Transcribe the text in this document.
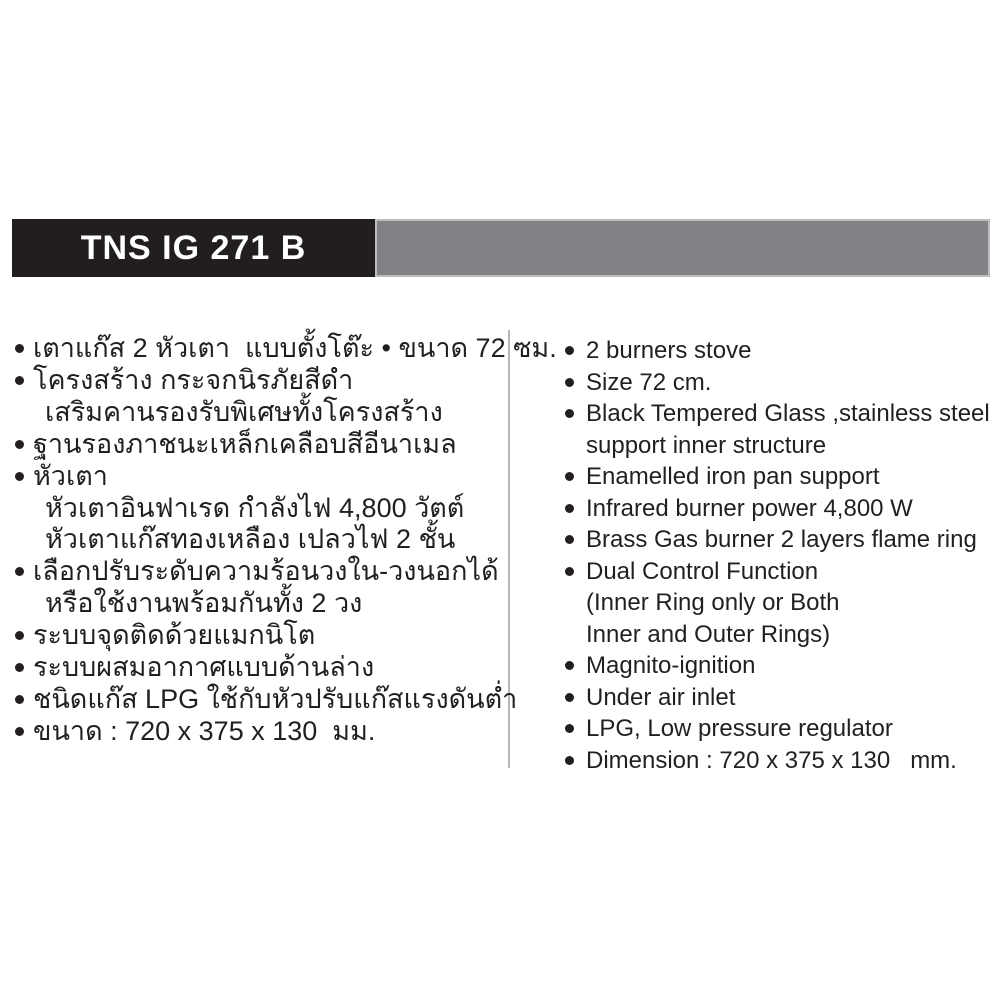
TNS IG 271 B
เตาแก๊ส 2 หัวเตา  แบบตั้งโต๊ะ • ขนาด 72 ซม.
โครงสร้าง กระจกนิรภัยสีดำ
เสริมคานรองรับพิเศษทั้งโครงสร้าง
ฐานรองภาชนะเหล็กเคลือบสีอีนาเมล
หัวเตา
หัวเตาอินฟาเรด กำลังไฟ 4,800 วัตต์
หัวเตาแก๊สทองเหลือง เปลวไฟ 2 ชั้น
เลือกปรับระดับความร้อนวงใน-วงนอกได้
หรือใช้งานพร้อมกันทั้ง 2 วง
ระบบจุดติดด้วยแมกนิโต
ระบบผสมอากาศแบบด้านล่าง
ชนิดแก๊ส LPG ใช้กับหัวปรับแก๊สแรงดันต่ำ
ขนาด : 720 x 375 x 130  มม.
2 burners stove
Size 72 cm.
Black Tempered Glass ,stainless steel
support inner structure
Enamelled iron pan support
Infrared burner power 4,800 W
Brass Gas burner 2 layers flame ring
Dual Control Function
(Inner Ring only or Both
Inner and Outer Rings)
Magnito-ignition
Under air inlet
LPG, Low pressure regulator
Dimension : 720 x 375 x 130   mm.
